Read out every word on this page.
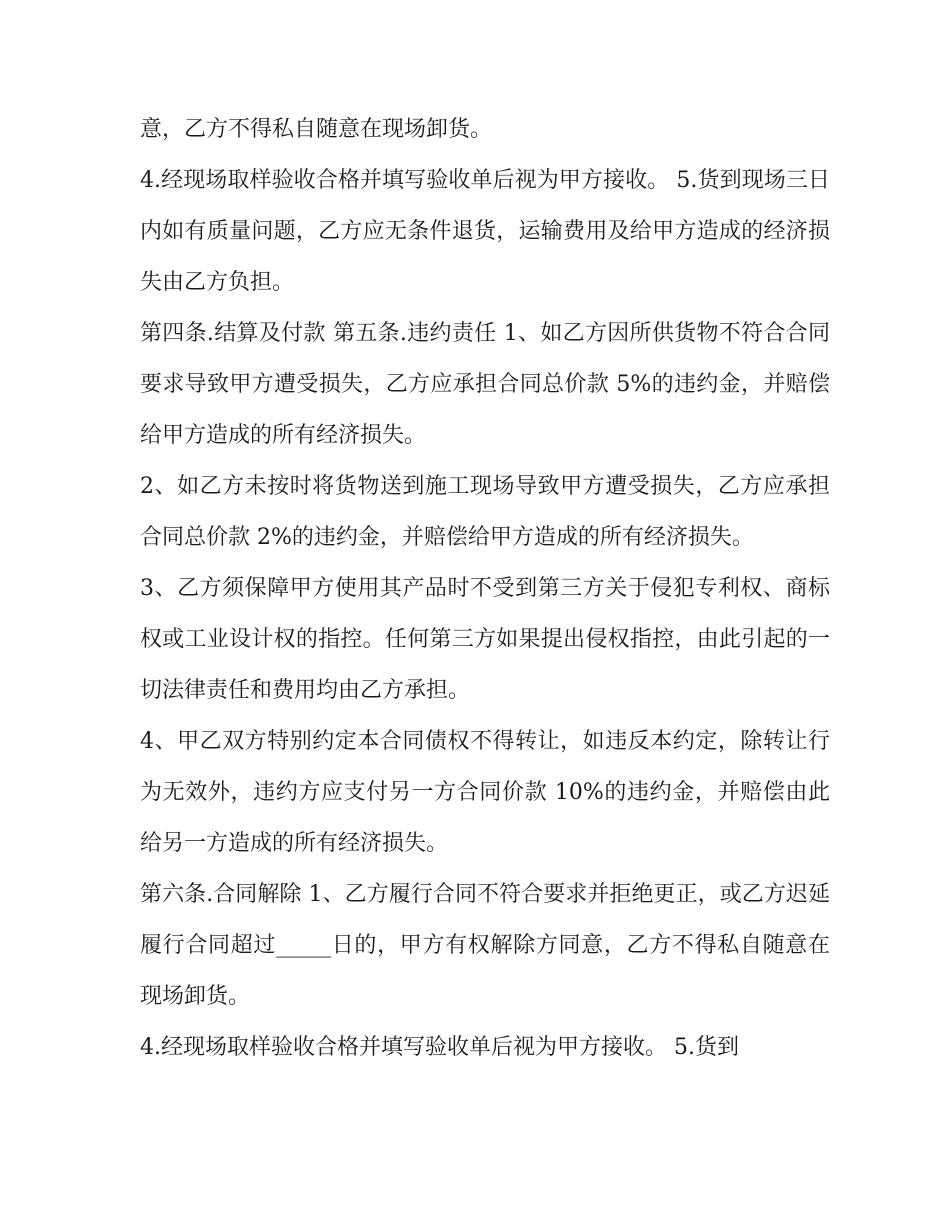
意，乙方不得私自随意在现场卸货。

4.经现场取样验收合格并填写验收单后视为甲方接收。 5.货到现场三日内如有质量问题，乙方应无条件退货，运输费用及给甲方造成的经济损失由乙方负担。

第四条.结算及付款 第五条.违约责任 1、如乙方因所供货物不符合合同要求导致甲方遭受损失，乙方应承担合同总价款 5%的违约金，并赔偿给甲方造成的所有经济损失。

2、如乙方未按时将货物送到施工现场导致甲方遭受损失，乙方应承担合同总价款 2%的违约金，并赔偿给甲方造成的所有经济损失。

3、乙方须保障甲方使用其产品时不受到第三方关于侵犯专利权、商标权或工业设计权的指控。任何第三方如果提出侵权指控，由此引起的一切法律责任和费用均由乙方承担。

4、甲乙双方特别约定本合同债权不得转让，如违反本约定，除转让行为无效外，违约方应支付另一方合同价款 10%的违约金，并赔偿由此给另一方造成的所有经济损失。

第六条.合同解除 1、乙方履行合同不符合要求并拒绝更正，或乙方迟延履行合同超过_____日的，甲方有权解除方同意，乙方不得私自随意在现场卸货。

4.经现场取样验收合格并填写验收单后视为甲方接收。 5.货到
